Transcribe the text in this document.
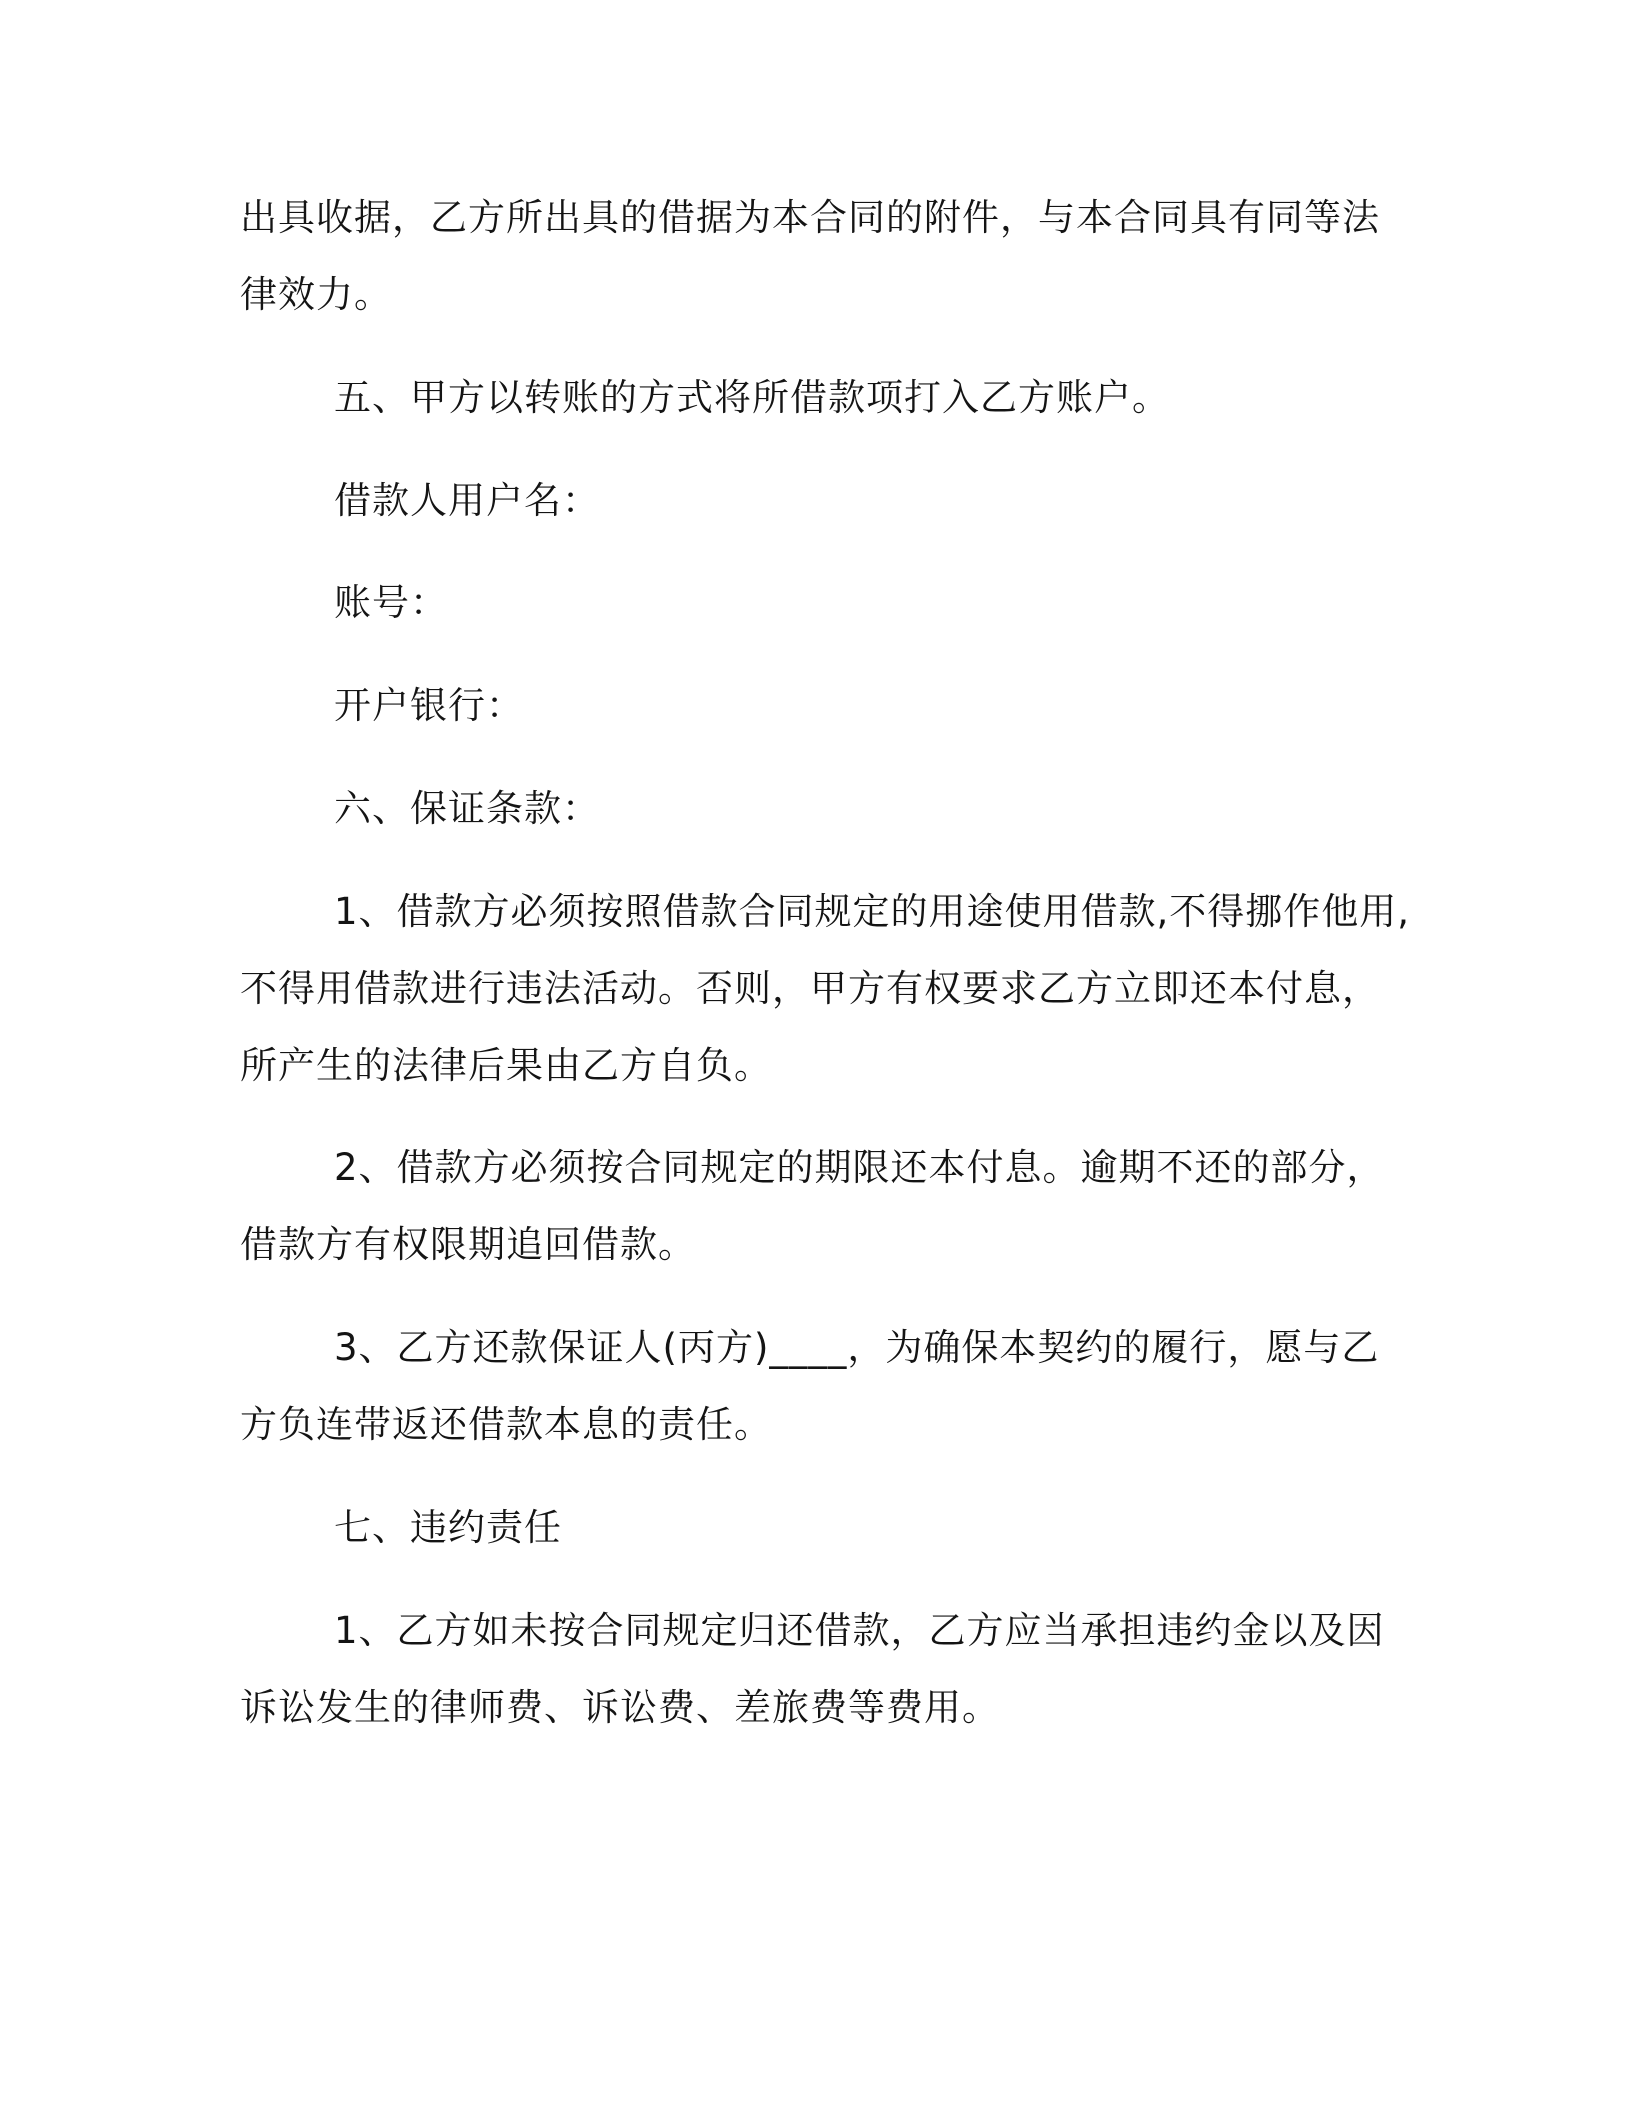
出具收据，乙方所出具的借据为本合同的附件，与本合同具有同等法

律效力。

五、甲方以转账的方式将所借款项打入乙方账户。

借款人用户名：

账号：

开户银行：

六、保证条款：

1、借款方必须按照借款合同规定的用途使用借款,不得挪作他用,

不得用借款进行违法活动。否则，甲方有权要求乙方立即还本付息，

所产生的法律后果由乙方自负。

2、借款方必须按合同规定的期限还本付息。逾期不还的部分，

借款方有权限期追回借款。

3、乙方还款保证人(丙方)____，为确保本契约的履行，愿与乙

方负连带返还借款本息的责任。

七、违约责任

1、乙方如未按合同规定归还借款，乙方应当承担违约金以及因

诉讼发生的律师费、诉讼费、差旅费等费用。
